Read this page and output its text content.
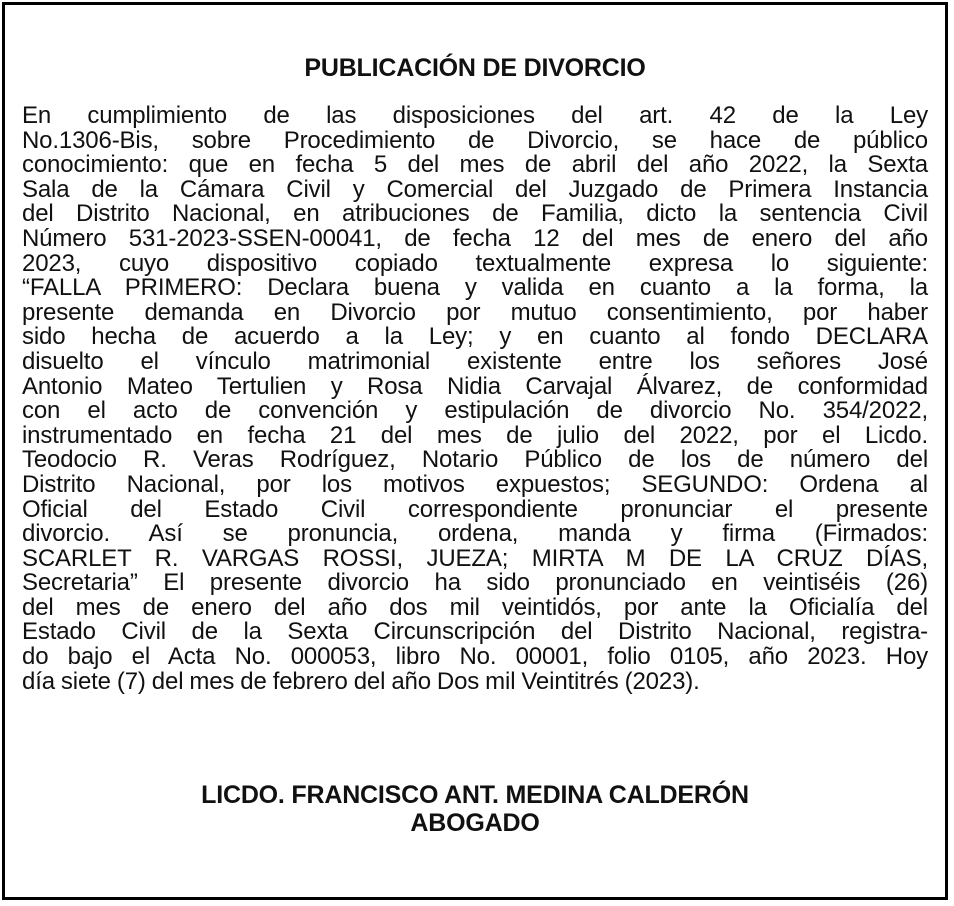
PUBLICACIÓN DE DIVORCIO
En cumplimiento de las disposiciones del art. 42 de la Ley
No.1306-Bis, sobre Procedimiento de Divorcio, se hace de público
conocimiento: que en fecha 5 del mes de abril del año 2022, la Sexta
Sala de la Cámara Civil y Comercial del Juzgado de Primera Instancia
del Distrito Nacional, en atribuciones de Familia, dicto la sentencia Civil
Número 531-2023-SSEN-00041, de fecha 12 del mes de enero del año
2023, cuyo dispositivo copiado textualmente expresa lo siguiente:
“FALLA PRIMERO: Declara buena y valida en cuanto a la forma, la
presente demanda en Divorcio por mutuo consentimiento, por haber
sido hecha de acuerdo a la Ley; y en cuanto al fondo DECLARA
disuelto el vínculo matrimonial existente entre los señores José
Antonio Mateo Tertulien y Rosa Nidia Carvajal Álvarez, de conformidad
con el acto de convención y estipulación de divorcio No. 354/2022,
instrumentado en fecha 21 del mes de julio del 2022, por el Licdo.
Teodocio R. Veras Rodríguez, Notario Público de los de número del
Distrito Nacional, por los motivos expuestos; SEGUNDO: Ordena al
Oficial del Estado Civil correspondiente pronunciar el presente
divorcio. Así se pronuncia, ordena, manda y firma (Firmados:
SCARLET R. VARGAS ROSSI, JUEZA; MIRTA M DE LA CRUZ DÍAS,
Secretaria” El presente divorcio ha sido pronunciado en veintiséis (26)
del mes de enero del año dos mil veintidós, por ante la Oficialía del
Estado Civil de la Sexta Circunscripción del Distrito Nacional, registra-
do bajo el Acta No. 000053, libro No. 00001, folio 0105, año 2023. Hoy
día siete (7) del mes de febrero del año Dos mil Veintitrés (2023).
LICDO. FRANCISCO ANT. MEDINA CALDERÓN
ABOGADO
